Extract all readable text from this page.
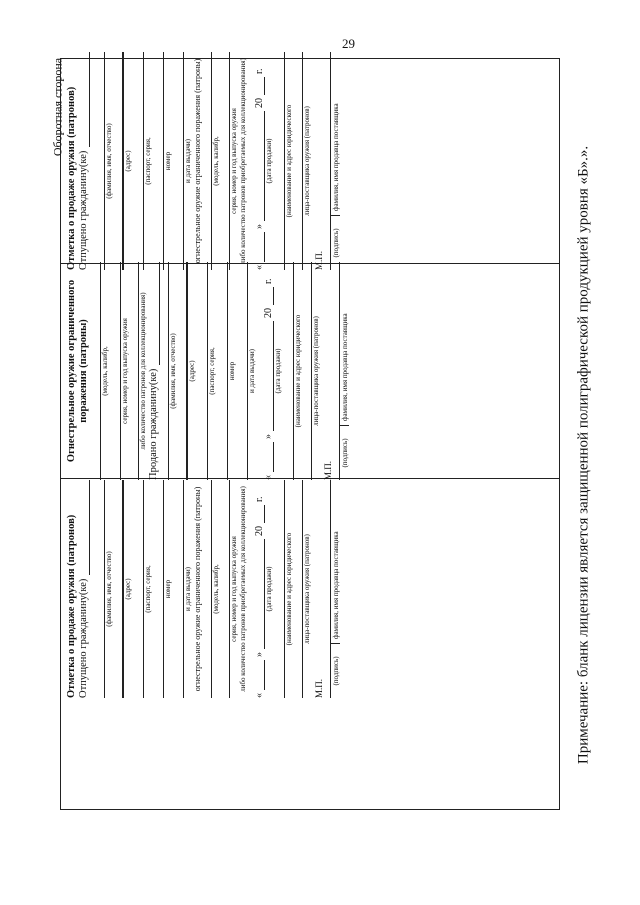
29
Оборотная сторона
Примечание: бланк лицензии является защищенной полиграфической продукцией уровня «Б».».
Отметка о продаже оружия (патронов) Отпущено гражданину(ке) (фамилия, имя, отчество) (адрес) (паспорт, серия, номер и дата выдачи) огнестрельное оружие ограниченного поражения (патроны) (модель, калибр, серия, номер и год выпуска оружия либо количество патронов приобретаемых для коллекционирования)
«
»
20
г.
(дата продажи) (наименование и адрес юридического лица-поставщика оружия (патронов)
М.П.
(подпись)
фамилия, имя продавца поставщика
Огнестрельное оружие ограниченного поражения (патроны) (модель, калибр, серия, номер и год выпуска оружия либо количество патронов для коллекционирования) Продано гражданину(ке) (фамилия, имя, отчество) (адрес) (паспорт, серия, номер и дата выдачи)
«
»
20
г.
(дата продажи) (наименование и адрес юридического лица-поставщика оружия (патронов)
М.П.
(подпись)
фамилия, имя продавца поставщика
Отметка о продаже оружия (патронов) Отпущено гражданину(ке) (фамилия, имя, отчество) (адрес) (паспорт, серия, номер и дата выдачи) огнестрельное оружие ограниченного поражения (патроны) (модель, калибр, серия, номер и год выпуска оружия либо количество патронов приобретаемых для коллекционирования)
«
»
20
г.
(дата продажи) (наименование и адрес юридического лица-поставщика оружия (патронов)
М.П.
(подпись)
фамилия, имя продавца поставщика
